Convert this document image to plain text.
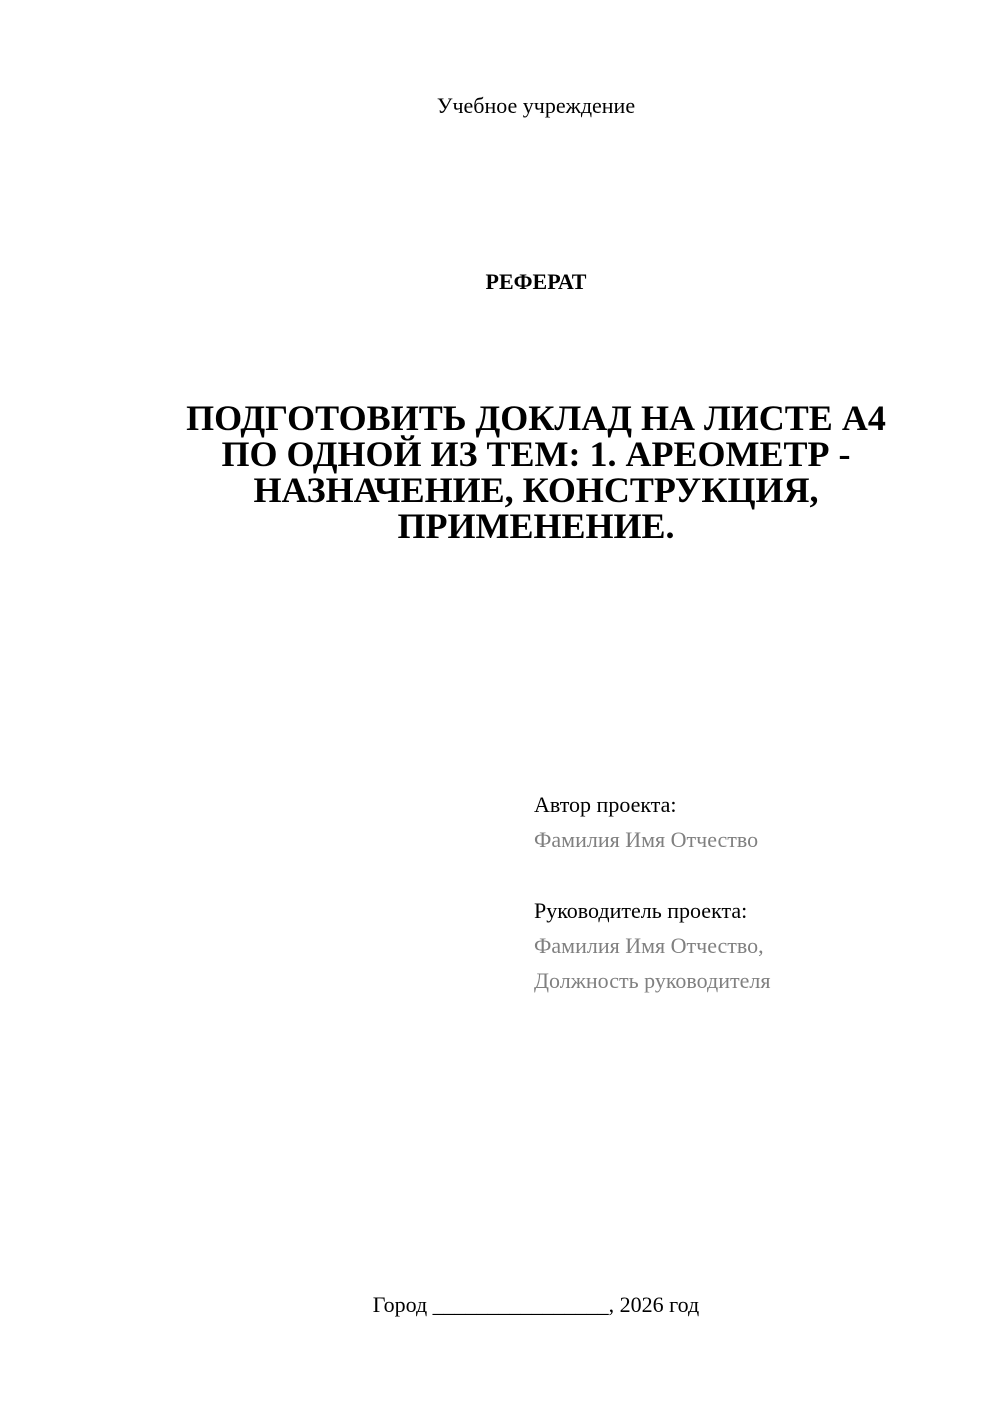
Учебное учреждение
РЕФЕРАТ
ПОДГОТОВИТЬ ДОКЛАД НА ЛИСТЕ А4
ПО ОДНОЙ ИЗ ТЕМ: 1. АРЕОМЕТР -
НАЗНАЧЕНИЕ, КОНСТРУКЦИЯ,
ПРИМЕНЕНИЕ.
Автор проекта:
Фамилия Имя Отчество
Руководитель проекта:
Фамилия Имя Отчество,
Должность руководителя
Город ________________, 2026 год
